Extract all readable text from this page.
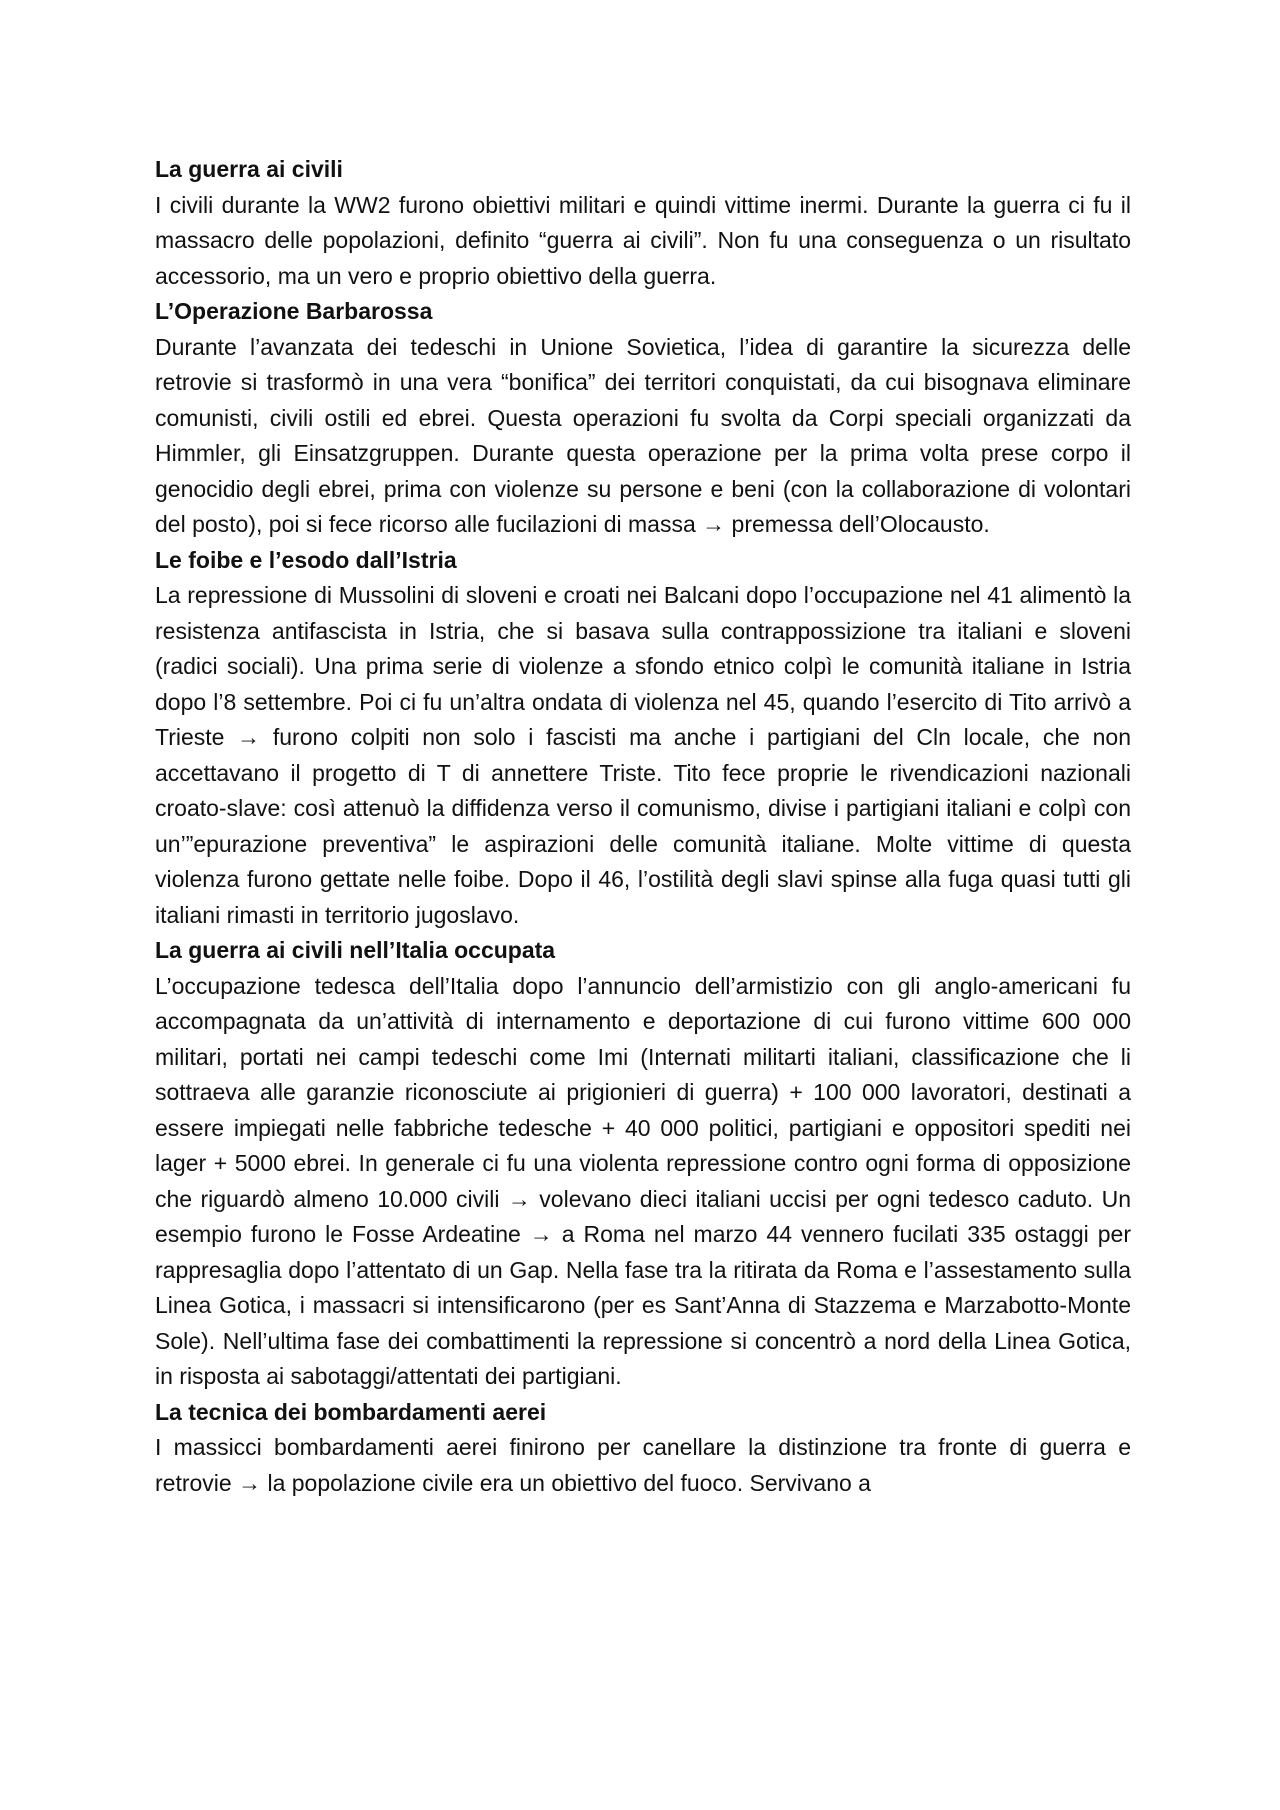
La guerra ai civili

I civili durante la WW2 furono obiettivi militari e quindi vittime inermi. Durante la guerra ci fu il massacro delle popolazioni, definito “guerra ai civili”. Non fu una conseguenza o un risultato accessorio, ma un vero e proprio obiettivo della guerra.

L’Operazione Barbarossa

Durante l’avanzata dei tedeschi in Unione Sovietica, l’idea di garantire la sicurezza delle retrovie si trasformò in una vera “bonifica” dei territori conquistati, da cui bisognava eliminare comunisti, civili ostili ed ebrei. Questa operazioni fu svolta da Corpi speciali organizzati da Himmler, gli Einsatzgruppen. Durante questa operazione per la prima volta prese corpo il genocidio degli ebrei, prima con violenze su persone e beni (con la collaborazione di volontari del posto), poi si fece ricorso alle fucilazioni di massa → premessa dell’Olocausto.

Le foibe e l’esodo dall’Istria

La repressione di Mussolini di sloveni e croati nei Balcani dopo l’occupazione nel 41 alimentò la resistenza antifascista in Istria, che si basava sulla contrappossizione tra italiani e sloveni (radici sociali). Una prima serie di violenze a sfondo etnico colpì le comunità italiane in Istria dopo l’8 settembre. Poi ci fu un’altra ondata di violenza nel 45, quando l’esercito di Tito arrivò a Trieste → furono colpiti non solo i fascisti ma anche i partigiani del Cln locale, che non accettavano il progetto di T di annettere Triste. Tito fece proprie le rivendicazioni nazionali croato-slave: così attenuò la diffidenza verso il comunismo, divise i partigiani italiani e colpì con un’”epurazione preventiva” le aspirazioni delle comunità italiane. Molte vittime di questa violenza furono gettate nelle foibe. Dopo il 46, l’ostilità degli slavi spinse alla fuga quasi tutti gli italiani rimasti in territorio jugoslavo.

La guerra ai civili nell’Italia occupata

L’occupazione tedesca dell’Italia dopo l’annuncio dell’armistizio con gli anglo-americani fu accompagnata da un’attività di internamento e deportazione di cui furono vittime 600 000 militari, portati nei campi tedeschi come Imi (Internati militarti italiani, classificazione che li sottraeva alle garanzie riconosciute ai prigionieri di guerra) + 100 000 lavoratori, destinati a essere impiegati nelle fabbriche tedesche + 40 000 politici, partigiani e oppositori spediti nei lager + 5000 ebrei. In generale ci fu una violenta repressione contro ogni forma di opposizione che riguardò almeno 10.000 civili → volevano dieci italiani uccisi per ogni tedesco caduto. Un esempio furono le Fosse Ardeatine → a Roma nel marzo 44 vennero fucilati 335 ostaggi per rappresaglia dopo l’attentato di un Gap. Nella fase tra la ritirata da Roma e l’assestamento sulla Linea Gotica, i massacri si intensificarono (per es Sant’Anna di Stazzema e Marzabotto-Monte Sole). Nell’ultima fase dei combattimenti la repressione si concentrò a nord della Linea Gotica, in risposta ai sabotaggi/attentati dei partigiani.

La tecnica dei bombardamenti aerei

I massicci bombardamenti aerei finirono per canellare la distinzione tra fronte di guerra e retrovie → la popolazione civile era un obiettivo del fuoco. Servivano a
